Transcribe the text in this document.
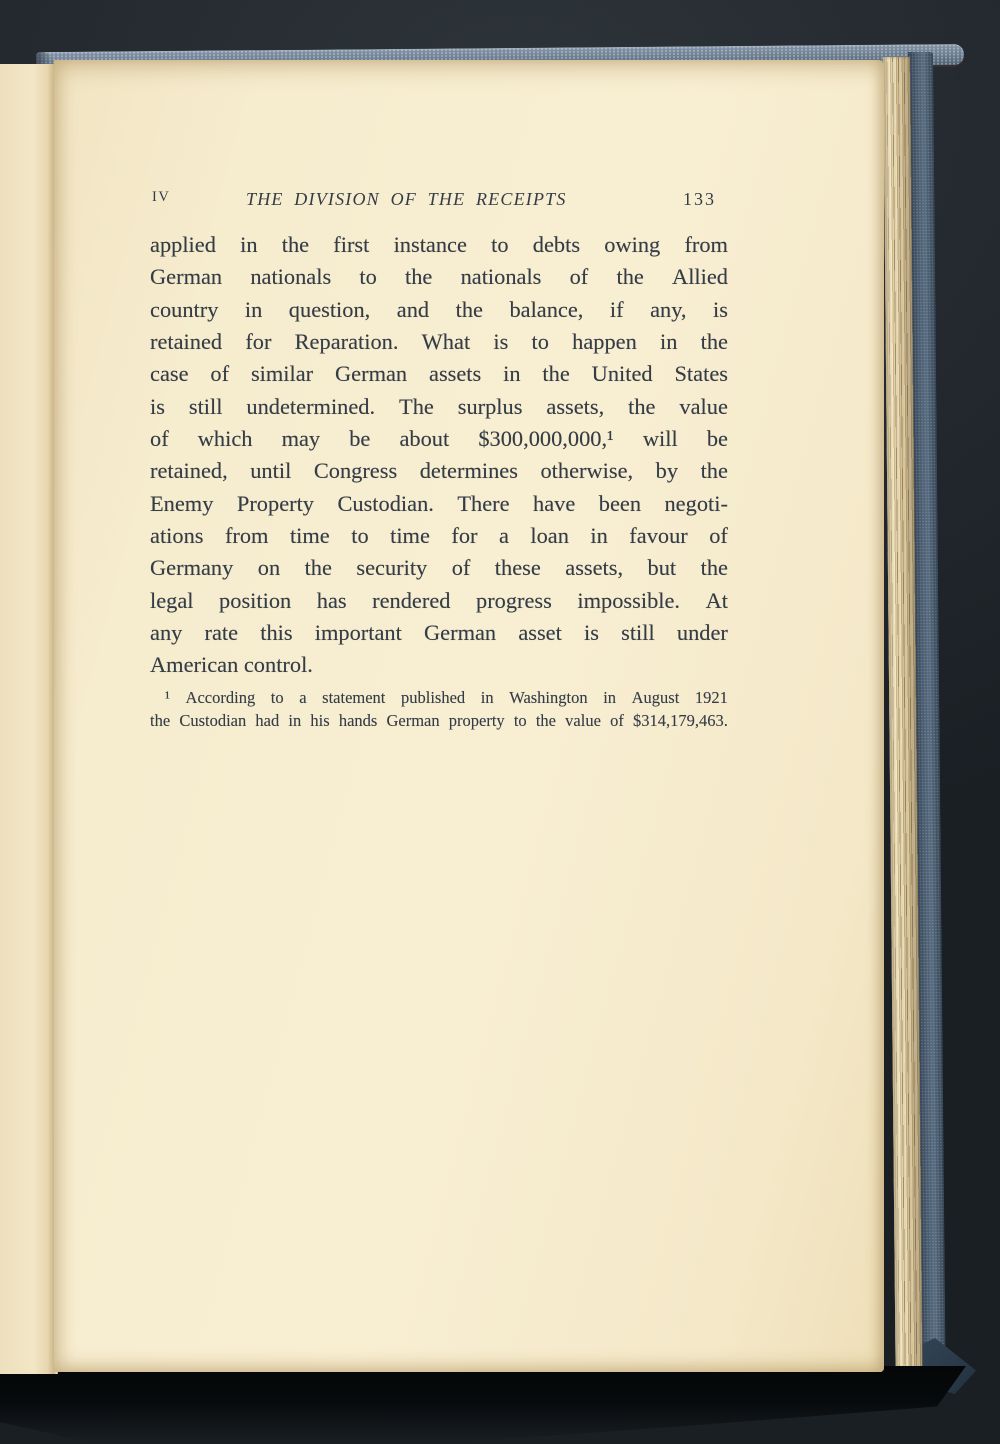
IV	THE DIVISION OF THE RECEIPTS	133
applied in the first instance to debts owing from
German nationals to the nationals of the Allied
country in question, and the balance, if any, is
retained for Reparation. What is to happen in the
case of similar German assets in the United States
is still undetermined. The surplus assets, the value
of which may be about $300,000,000,¹ will be
retained, until Congress determines otherwise, by the
Enemy Property Custodian. There have been negoti-
ations from time to time for a loan in favour of
Germany on the security of these assets, but the
legal position has rendered progress impossible. At
any rate this important German asset is still under
American control.
¹ According to a statement published in Washington in August 1921
the Custodian had in his hands German property to the value of $314,179,463.
